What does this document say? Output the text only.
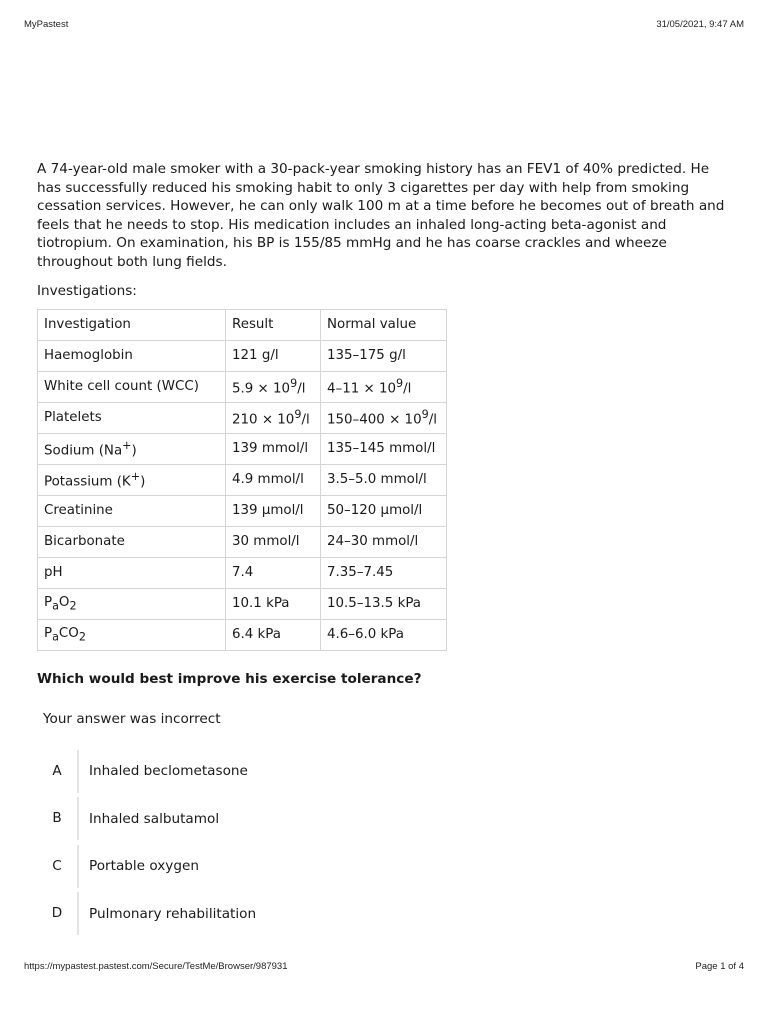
MyPastest	31/05/2021, 9:47 AM

A 74-year-old male smoker with a 30-pack-year smoking history has an FEV1 of 40% predicted. He has successfully reduced his smoking habit to only 3 cigarettes per day with help from smoking cessation services. However, he can only walk 100 m at a time before he becomes out of breath and feels that he needs to stop. His medication includes an inhaled long-acting beta-agonist and tiotropium. On examination, his BP is 155/85 mmHg and he has coarse crackles and wheeze throughout both lung fields.

Investigations:

Investigation	Result	Normal value
Haemoglobin	121 g/l	135–175 g/l
White cell count (WCC)	$5.9 \times 10^9/l$	$4-11 \times 10^9/l$
Platelets	$210 \times 10^9/l$	$150-400 \times 10^9/l$
Sodium (Na+)	139 mmol/l	135–145 mmol/l
Potassium (K+)	4.9 mmol/l	3.5–5.0 mmol/l
Creatinine	139 µmol/l	50–120 µmol/l
Bicarbonate	30 mmol/l	24–30 mmol/l
pH	7.4	7.35–7.45
$P_aO_2$	10.1 kPa	10.5–13.5 kPa
$P_aCO_2$	6.4 kPa	4.6–6.0 kPa
Which would best improve his exercise tolerance?
Your answer was incorrect
A	Inhaled beclometasone
B	Inhaled salbutamol
C	Portable oxygen
D	Pulmonary rehabilitation
https://mypastest.pastest.com/Secure/TestMe/Browser/987931	Page 1 of 4
